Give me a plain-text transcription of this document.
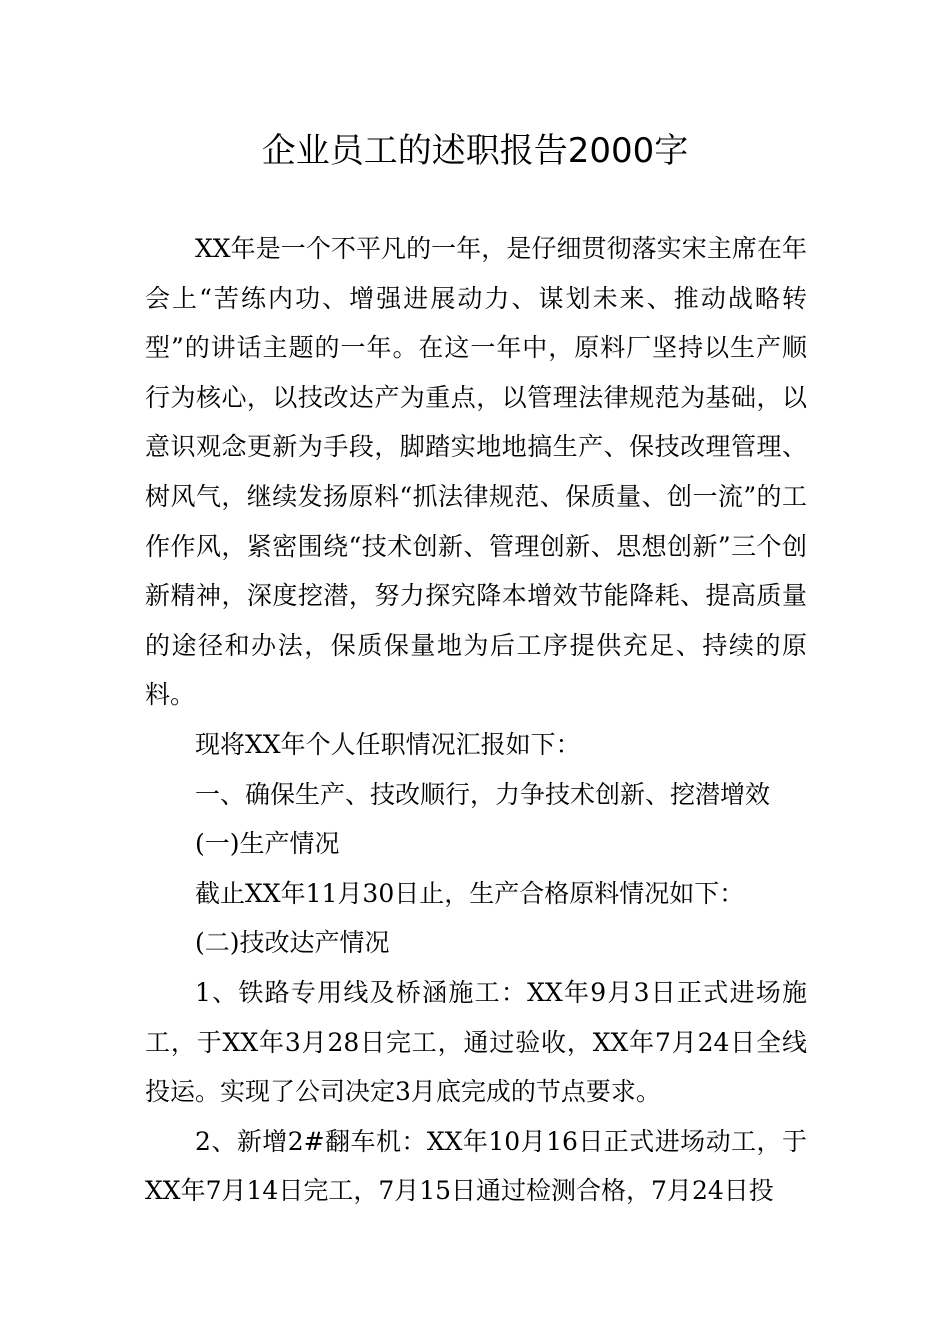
企业员工的述职报告2000字

XX年是一个不平凡的一年，是仔细贯彻落实宋主席在年会上“苦练内功、增强进展动力、谋划未来、推动战略转型”的讲话主题的一年。在这一年中，原料厂坚持以生产顺行为核心，以技改达产为重点，以管理法律规范为基础，以意识观念更新为手段，脚踏实地地搞生产、保技改理管理、树风气，继续发扬原料“抓法律规范、保质量、创一流”的工作作风，紧密围绕“技术创新、管理创新、思想创新”三个创新精神，深度挖潜，努力探究降本增效节能降耗、提高质量的途径和办法，保质保量地为后工序提供充足、持续的原料。

现将XX年个人任职情况汇报如下：

一、确保生产、技改顺行，力争技术创新、挖潜增效

(一)生产情况

截止XX年11月30日止，生产合格原料情况如下：

(二)技改达产情况

1、铁路专用线及桥涵施工：XX年9月3日正式进场施工，于XX年3月28日完工，通过验收，XX年7月24日全线投运。实现了公司决定3月底完成的节点要求。

2、新增2#翻车机：XX年10月16日正式进场动工，于XX年7月14日完工，7月15日通过检测合格，7月24日投
